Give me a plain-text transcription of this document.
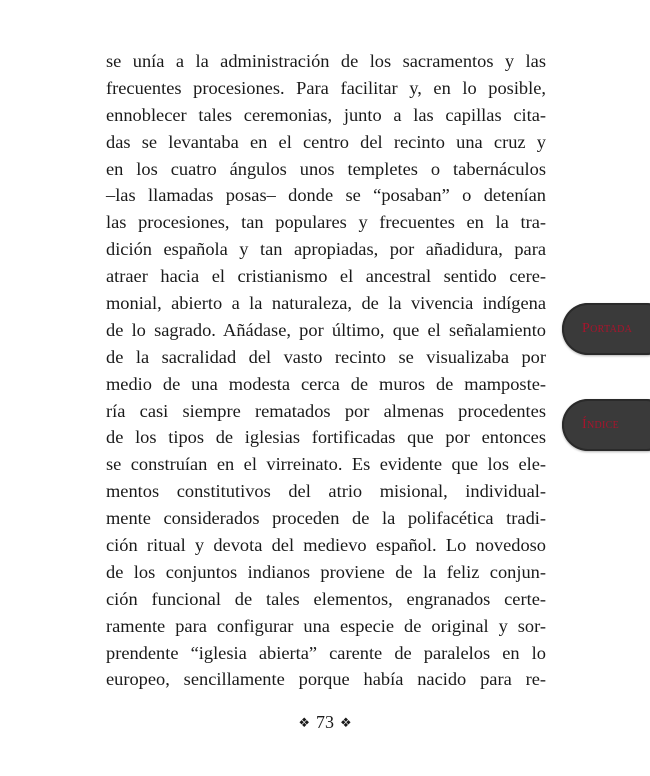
se unía a la administración de los sacramentos y las
frecuentes procesiones. Para facilitar y, en lo posible,
ennoblecer tales ceremonias, junto a las capillas cita-
das se levantaba en el centro del recinto una cruz y
en los cuatro ángulos unos templetes o tabernáculos
–las llamadas posas– donde se “posaban” o detenían
las procesiones, tan populares y frecuentes en la tra-
dición española y tan apropiadas, por añadidura, para
atraer hacia el cristianismo el ancestral sentido cere-
monial, abierto a la naturaleza, de la vivencia indígena
de lo sagrado. Añádase, por último, que el señalamiento
de la sacralidad del vasto recinto se visualizaba por
medio de una modesta cerca de muros de mamposte-
ría casi siempre rematados por almenas procedentes
de los tipos de iglesias fortificadas que por entonces
se construían en el virreinato. Es evidente que los ele-
mentos constitutivos del atrio misional, individual-
mente considerados proceden de la polifacética tradi-
ción ritual y devota del medievo español. Lo novedoso
de los conjuntos indianos proviene de la feliz conjun-
ción funcional de tales elementos, engranados certe-
ramente para configurar una especie de original y sor-
prendente “iglesia abierta” carente de paralelos en lo
europeo, sencillamente porque había nacido para re-
Portada
Índice
❖ 73 ❖
